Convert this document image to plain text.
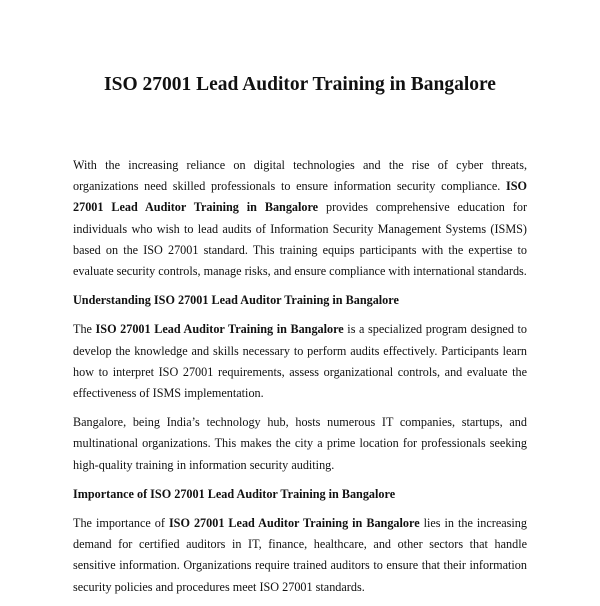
ISO 27001 Lead Auditor Training in Bangalore

With the increasing reliance on digital technologies and the rise of cyber threats, organizations need skilled professionals to ensure information security compliance. ISO 27001 Lead Auditor Training in Bangalore provides comprehensive education for individuals who wish to lead audits of Information Security Management Systems (ISMS) based on the ISO 27001 standard. This training equips participants with the expertise to evaluate security controls, manage risks, and ensure compliance with international standards.

Understanding ISO 27001 Lead Auditor Training in Bangalore

The ISO 27001 Lead Auditor Training in Bangalore is a specialized program designed to develop the knowledge and skills necessary to perform audits effectively. Participants learn how to interpret ISO 27001 requirements, assess organizational controls, and evaluate the effectiveness of ISMS implementation.

Bangalore, being India’s technology hub, hosts numerous IT companies, startups, and multinational organizations. This makes the city a prime location for professionals seeking high-quality training in information security auditing.

Importance of ISO 27001 Lead Auditor Training in Bangalore

The importance of ISO 27001 Lead Auditor Training in Bangalore lies in the increasing demand for certified auditors in IT, finance, healthcare, and other sectors that handle sensitive information. Organizations require trained auditors to ensure that their information security policies and procedures meet ISO 27001 standards.
